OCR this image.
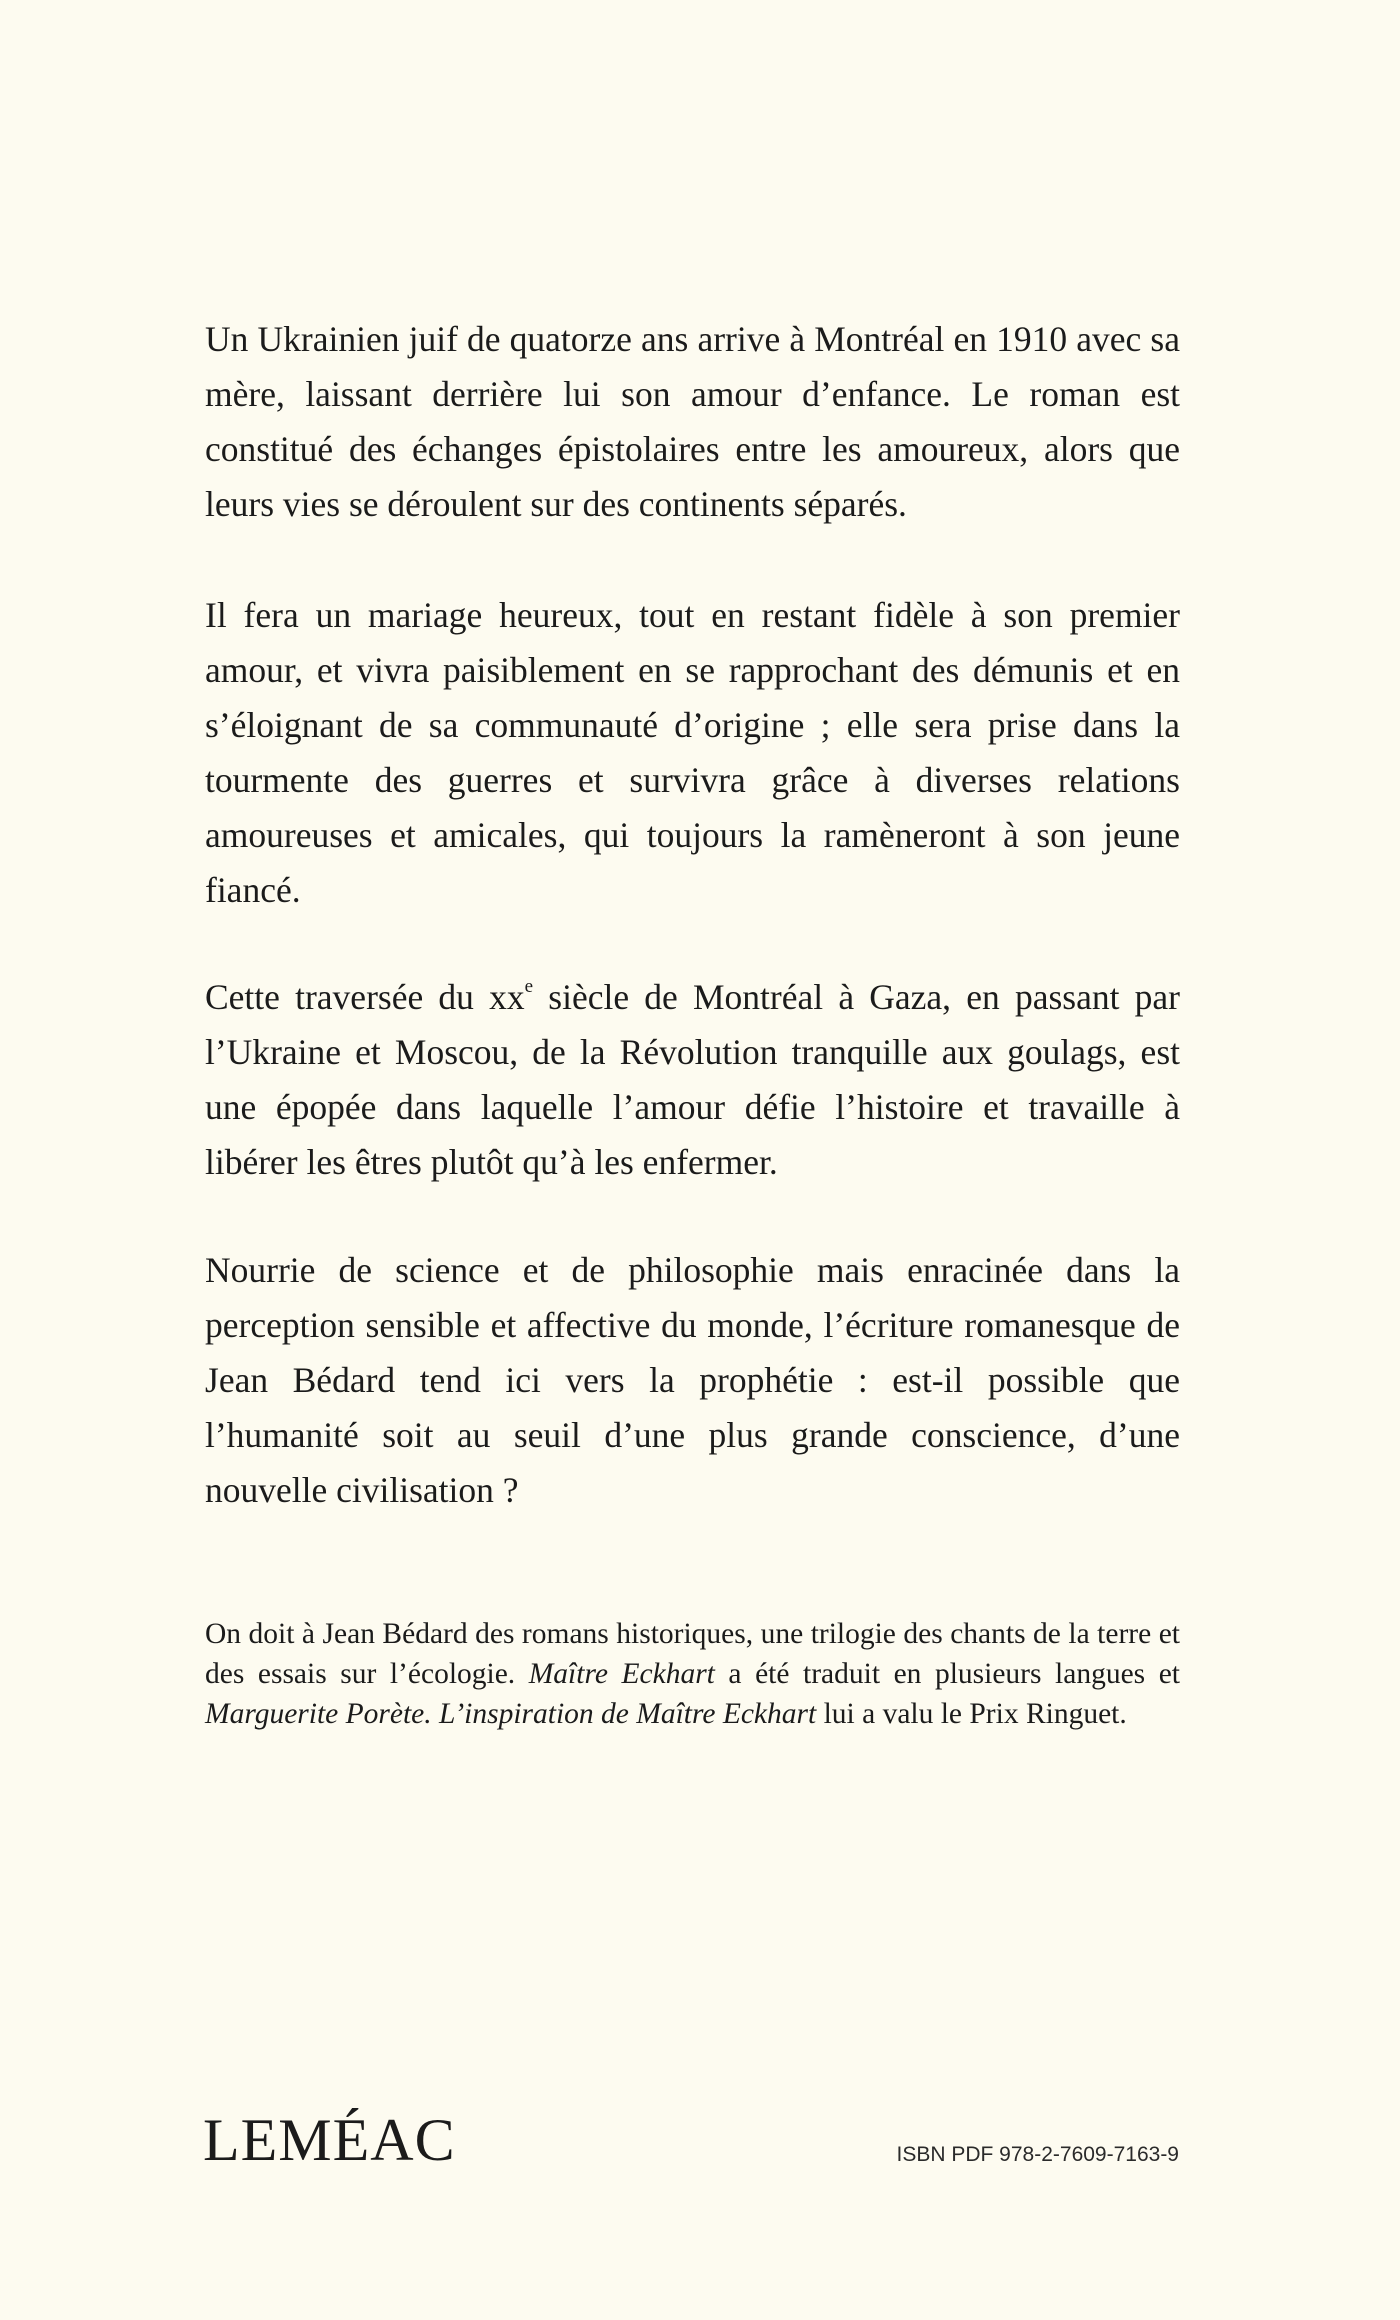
Un Ukrainien juif de quatorze ans arrive à Montréal en 1910 avec sa mère, laissant derrière lui son amour d’enfance. Le roman est constitué des échanges épistolaires entre les amoureux, alors que leurs vies se déroulent sur des continents séparés.

Il fera un mariage heureux, tout en restant fidèle à son premier amour, et vivra paisiblement en se rapprochant des démunis et en s’éloignant de sa communauté d’origine ; elle sera prise dans la tourmente des guerres et survivra grâce à diverses relations amoureuses et amicales, qui toujours la ramèneront à son jeune fiancé.

Cette traversée du $xx^e$ siècle de Montréal à Gaza, en passant par l’Ukraine et Moscou, de la Révolution tranquille aux goulags, est une épopée dans laquelle l’amour défie l’histoire et travaille à libérer les êtres plutôt qu’à les enfermer.

Nourrie de science et de philosophie mais enracinée dans la perception sensible et affective du monde, l’écriture romanesque de Jean Bédard tend ici vers la prophétie : est-il possible que l’humanité soit au seuil d’une plus grande conscience, d’une nouvelle civilisation ?

On doit à Jean Bédard des romans historiques, une trilogie des chants de la terre et des essais sur l’écologie. Maître Eckhart a été traduit en plusieurs langues et Marguerite Porète. L’inspiration de Maître Eckhart lui a valu le Prix Ringuet.

LEMÉAC	ISBN PDF 978-2-7609-7163-9
